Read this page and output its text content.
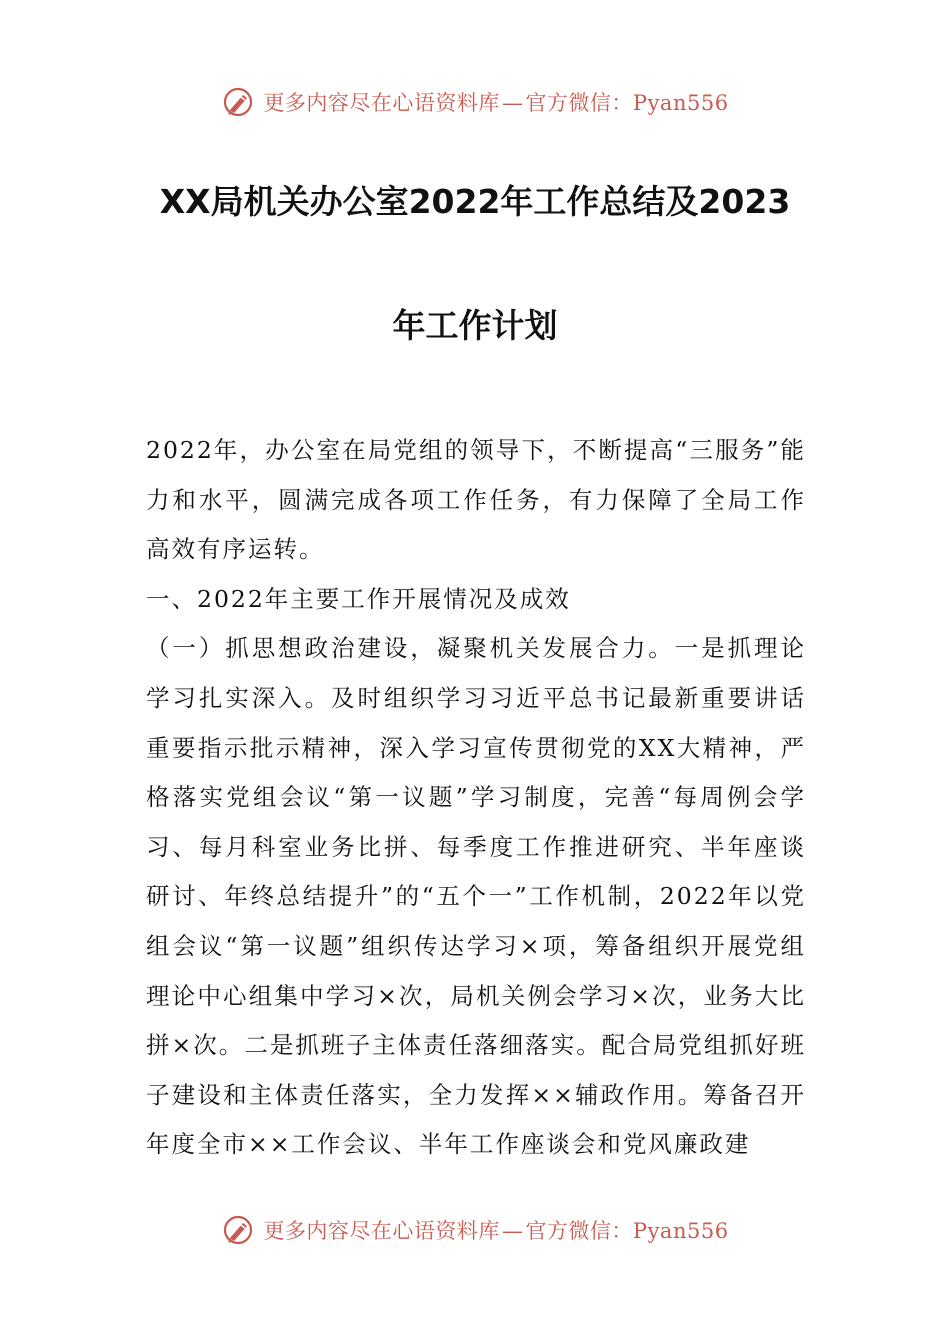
更多内容尽在心语资料库—官方微信：Pyan556
XX局机关办公室2022年工作总结及2023
年工作计划

2022年，办公室在局党组的领导下，不断提高“三服务”能力和水平，圆满完成各项工作任务，有力保障了全局工作高效有序运转。

一、2022年主要工作开展情况及成效

（一）抓思想政治建设，凝聚机关发展合力。一是抓理论学习扎实深入。及时组织学习习近平总书记最新重要讲话重要指示批示精神，深入学习宣传贯彻党的XX大精神，严格落实党组会议“第一议题”学习制度，完善“每周例会学习、每月科室业务比拼、每季度工作推进研究、半年座谈研讨、年终总结提升”的“五个一”工作机制，2022年以党组会议“第一议题”组织传达学习×项，筹备组织开展党组理论中心组集中学习×次，局机关例会学习×次，业务大比拼×次。二是抓班子主体责任落细落实。配合局党组抓好班子建设和主体责任落实，全力发挥××辅政作用。筹备召开年度全市××工作会议、半年工作座谈会和党风廉政建

更多内容尽在心语资料库—官方微信：Pyan556
